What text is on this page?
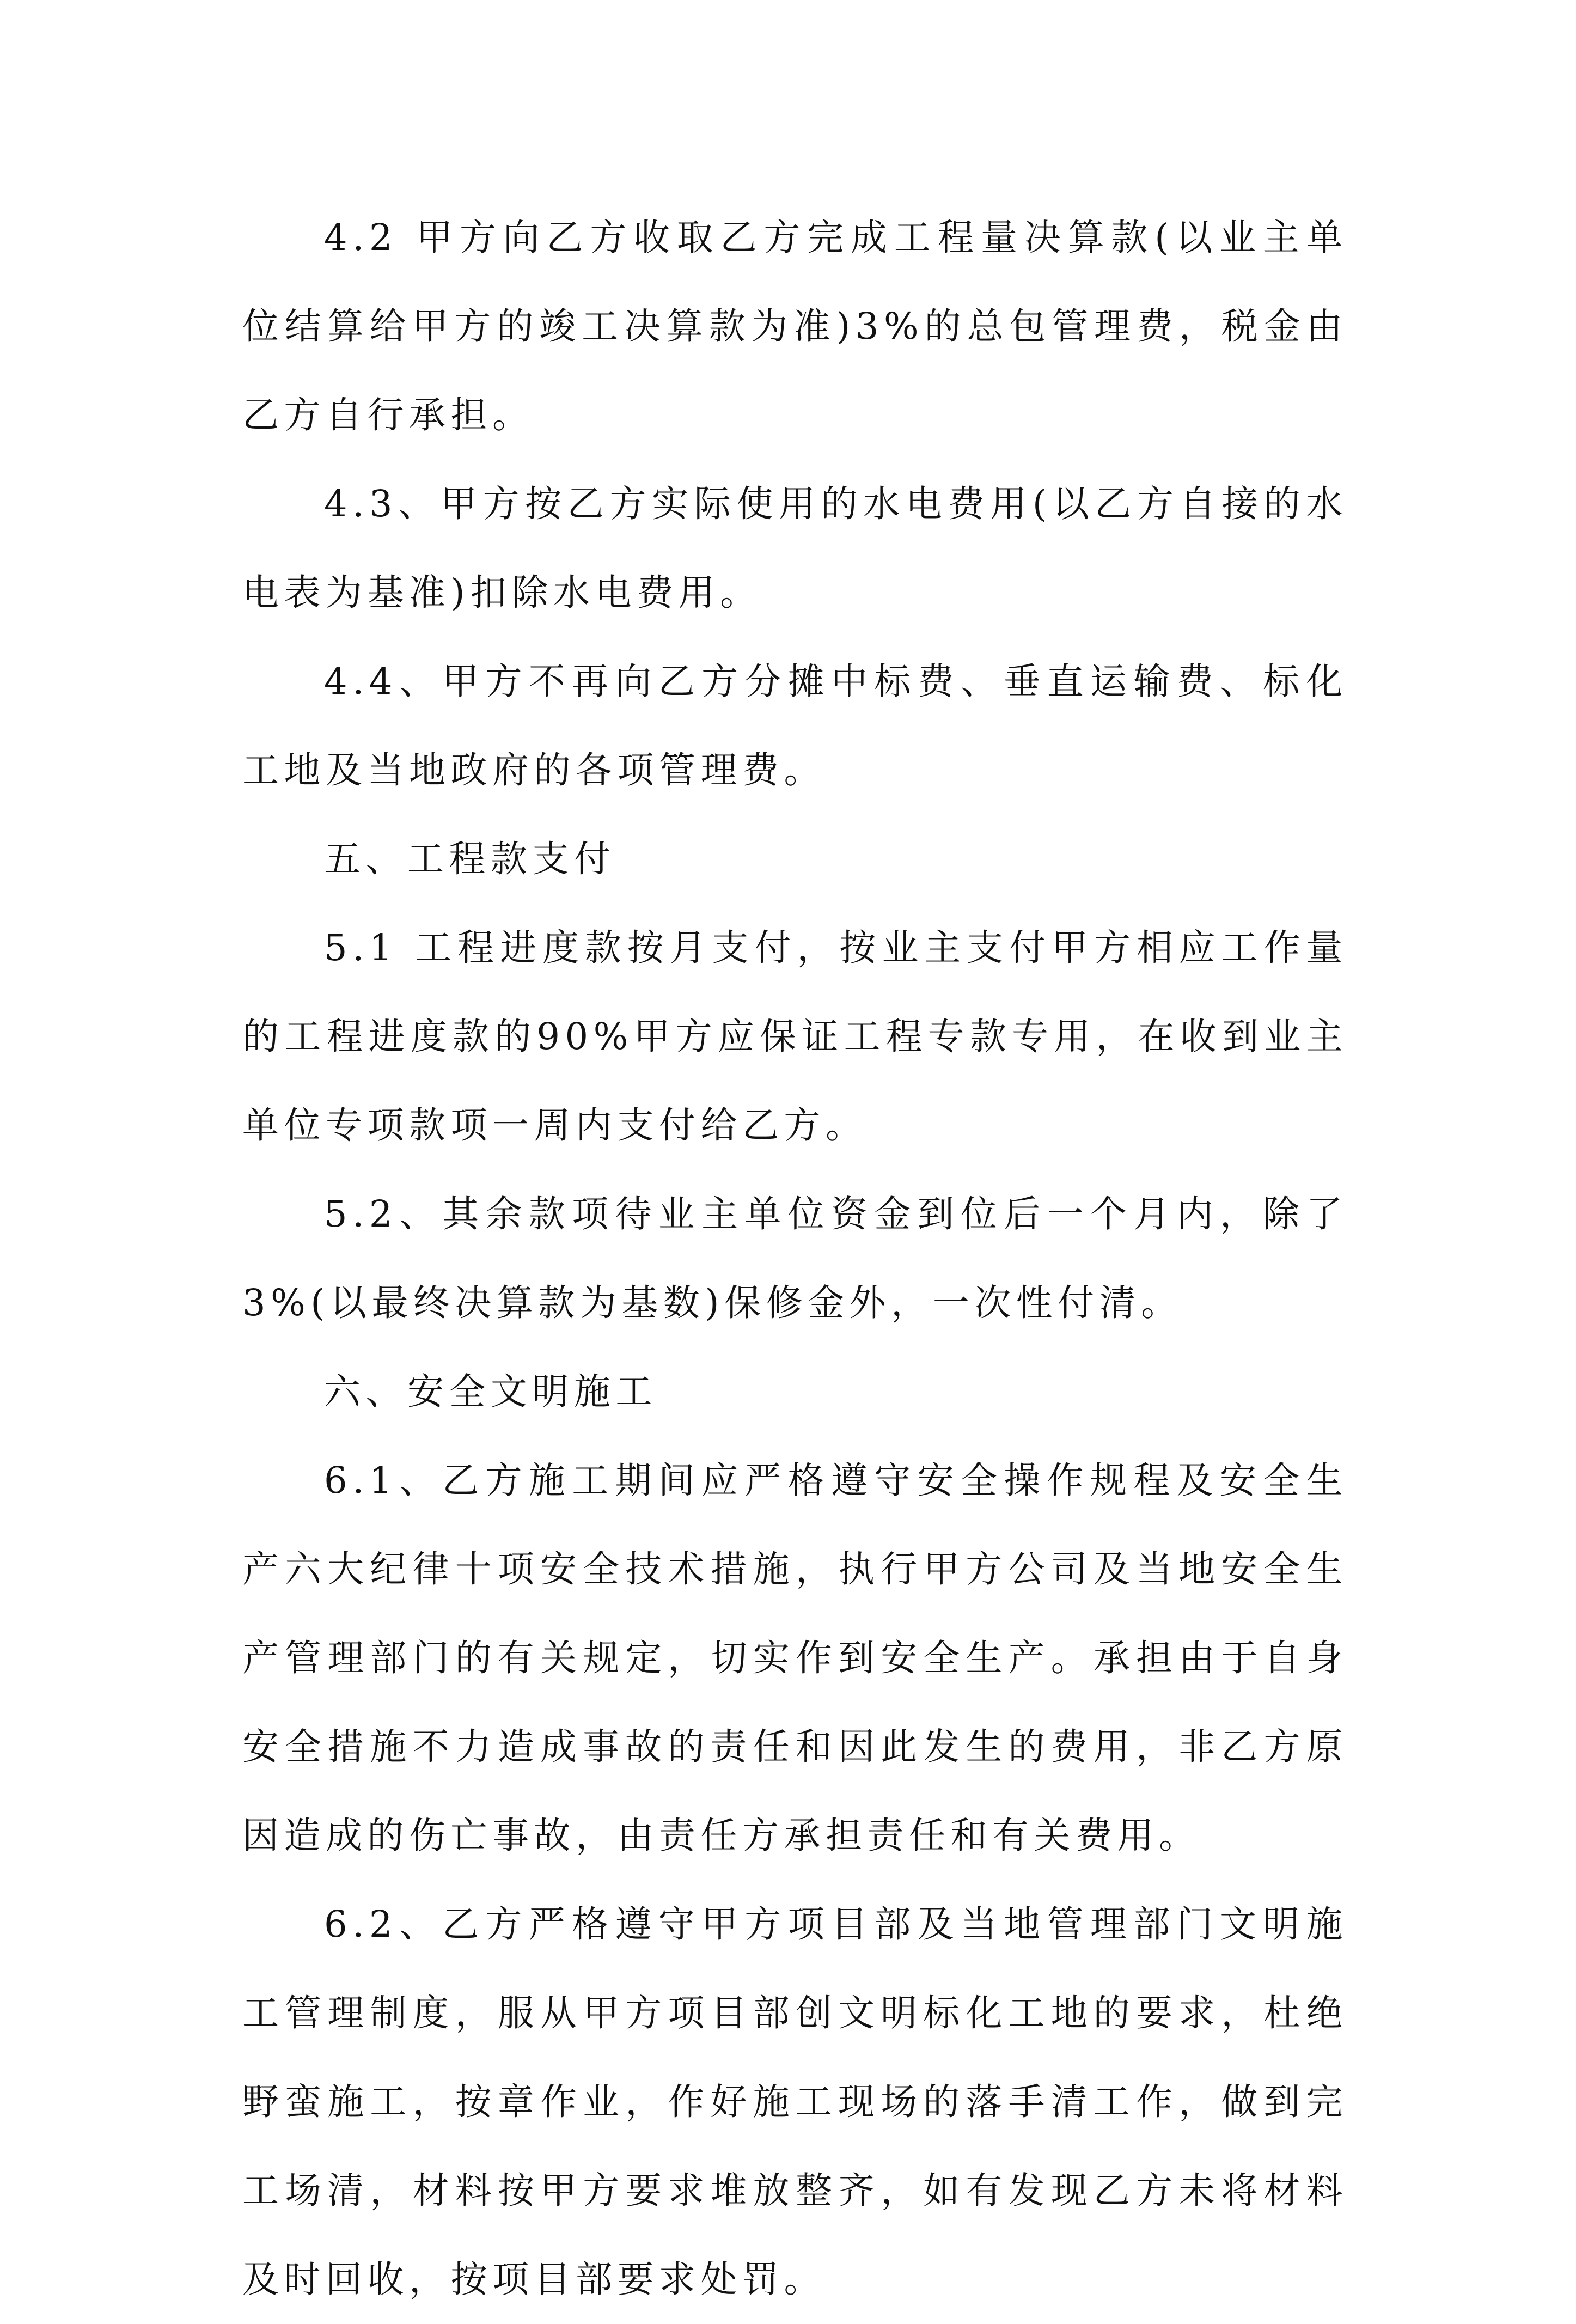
4.2 甲方向乙方收取乙方完成工程量决算款(以业主单位结算给甲方的竣工决算款为准)3%的总包管理费，税金由乙方自行承担。

4.3、甲方按乙方实际使用的水电费用(以乙方自接的水电表为基准)扣除水电费用。

4.4、甲方不再向乙方分摊中标费、垂直运输费、标化工地及当地政府的各项管理费。

五、工程款支付

5.1 工程进度款按月支付，按业主支付甲方相应工作量的工程进度款的90%甲方应保证工程专款专用，在收到业主单位专项款项一周内支付给乙方。

5.2、其余款项待业主单位资金到位后一个月内，除了3%(以最终决算款为基数)保修金外，一次性付清。

六、安全文明施工

6.1、乙方施工期间应严格遵守安全操作规程及安全生产六大纪律十项安全技术措施，执行甲方公司及当地安全生产管理部门的有关规定，切实作到安全生产。承担由于自身安全措施不力造成事故的责任和因此发生的费用，非乙方原因造成的伤亡事故，由责任方承担责任和有关费用。

6.2、乙方严格遵守甲方项目部及当地管理部门文明施工管理制度，服从甲方项目部创文明标化工地的要求，杜绝野蛮施工，按章作业，作好施工现场的落手清工作，做到完工场清，材料按甲方要求堆放整齐，如有发现乙方未将材料及时回收，按项目部要求处罚。
